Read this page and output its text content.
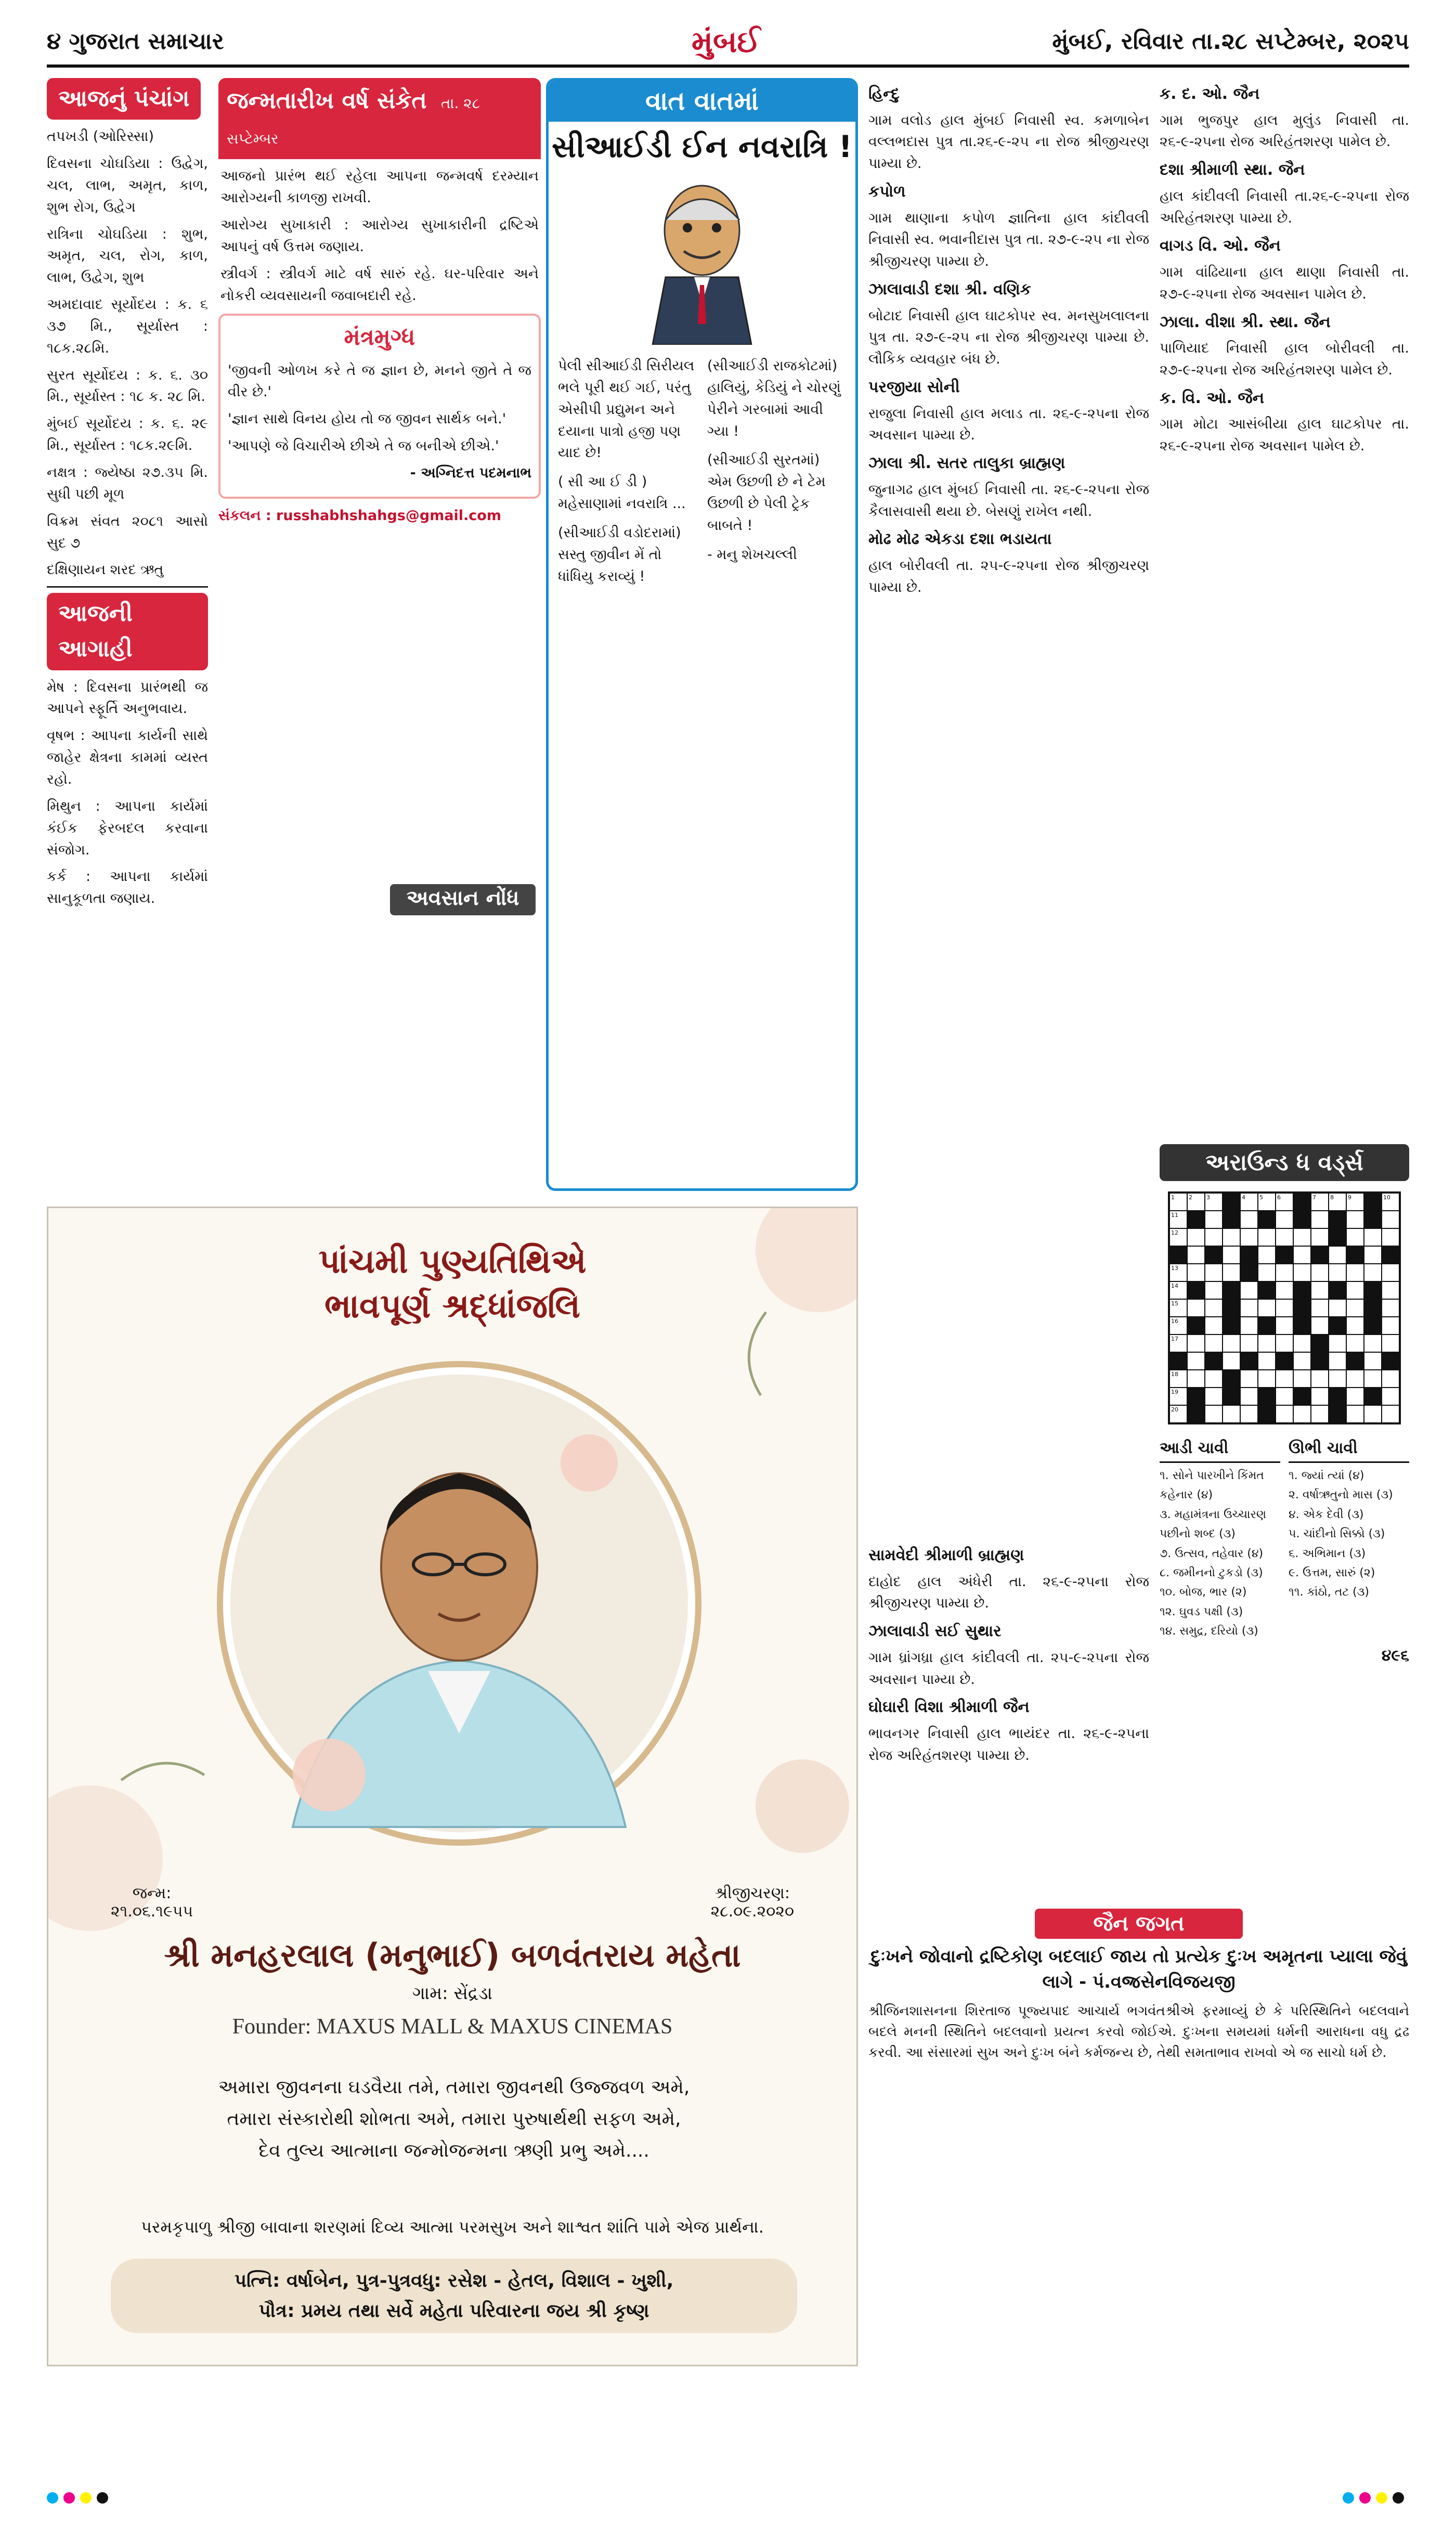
૪ ગુજરાત સમાચાર	મુંબઈ	મુંબઈ, રવિવાર તા.૨૮ સપ્ટેમ્બર, ૨૦૨૫
આજનું પંચાંગ

તપખડી (ઓરિસ્સા)

દિવસના ચોઘડિયા : ઉદ્વેગ, ચલ, લાભ, અમૃત, કાળ, શુભ રોગ, ઉદ્વેગ

રાત્રિના ચોઘડિયા : શુભ, અમૃત, ચલ, રોગ, કાળ, લાભ, ઉદ્વેગ, શુભ

અમદાવાદ સૂર્યોદય : ક. ૬ ૩૭ મિ., સૂર્યાસ્ત : ૧૮ક.૨૮મિ.

સુરત સૂર્યોદય : ક. ૬. ૩૦ મિ., સૂર્યાસ્ત : ૧૮ ક. ૨૮ મિ.

મુંબઈ સૂર્યોદય : ક. ૬. ૨૯ મિ., સૂર્યાસ્ત : ૧૮ક.૨૯મિ.

નક્ષત્ર : જ્યેષ્ઠા ૨૭.૩૫ મિ. સુધી પછી મૂળ

વિક્રમ સંવત ૨૦૮૧ આસો સુદ ૭

દક્ષિણાયન શરદ ઋતુ

આજની આગાહી

મેષ : દિવસના પ્રારંભથી જ આપને સ્ફૂર્તિ અનુભવાય.

વૃષભ : આપના કાર્યની સાથે જાહેર ક્ષેત્રના કામમાં વ્યસ્ત રહો.

મિથુન : આપના કાર્યમાં કંઈક ફેરબદલ કરવાના સંજોગ.

કર્ક : આપના કાર્યમાં સાનુકૂળતા જણાય.

જન્મતારીખ વર્ષ સંકેત તા. ૨૮ સપ્ટેમ્બર

આજનો પ્રારંભ થઈ રહેલા આપના જન્મવર્ષ દરમ્યાન આરોગ્યની કાળજી રાખવી.

આરોગ્ય સુખાકારી : આરોગ્ય સુખાકારીની દ્રષ્ટિએ આપનું વર્ષ ઉત્તમ જણાય.

સ્ત્રીવર્ગ : સ્ત્રીવર્ગ માટે વર્ષ સારું રહે. ઘર-પરિવાર અને નોકરી વ્યવસાયની જવાબદારી રહે.

મંત્રમુગ્ધ

'જીવની ઓળખ કરે તે જ જ્ઞાન છે, મનને જીતે તે જ વીર છે.'

'જ્ઞાન સાથે વિનય હોય તો જ જીવન સાર્થક બને.'

'આપણે જે વિચારીએ છીએ તે જ બનીએ છીએ.'

- અગ્નિદત્ત પદમનાભ

સંકલન : russhabhshahgs@gmail.com

વાત વાતમાં
સીઆઈડી ઈન નવરાત્રિ !

પેલી સીઆઈડી સિરીયલ ભલે પૂરી થઈ ગઈ, પરંતુ એસીપી પ્રદ્યુમન અને દયાના પાત્રો હજી પણ યાદ છે!

( સી આ ઈ ડી ) મહેસાણામાં નવરાત્રિ ...

(સીઆઈડી વડોદરામાં) સસ્તુ જીવીન મેં તો ધાંધિયુ કરાવ્યું !

(સીઆઈડી રાજકોટમાં) હાલિયું, કેડિયું ને ચોરણું પેરીને ગરબામાં આવી ગ્યા !

(સીઆઈડી સુરતમાં) એમ ઉછળી છે ને ટેમ ઉછળી છે પેલી ટ્રેક બાબતે !

- મનુ શેખચલ્લી

હિન્દુ

ગામ વલોડ હાલ મુંબઈ નિવાસી સ્વ. કમળાબેન વલ્લભદાસ પુત્ર તા.૨૬-૯-૨૫ ના રોજ શ્રીજીચરણ પામ્યા છે.

કપોળ

ગામ થાણાના કપોળ જ્ઞાતિના હાલ કાંદીવલી નિવાસી સ્વ. ભવાનીદાસ પુત્ર તા. ૨૭-૯-૨૫ ના રોજ શ્રીજીચરણ પામ્યા છે.

ઝાલાવાડી દશા શ્રી. વણિક

બોટાદ નિવાસી હાલ ઘાટકોપર સ્વ. મનસુખલાલના પુત્ર તા. ૨૭-૯-૨૫ ના રોજ શ્રીજીચરણ પામ્યા છે. લૌકિક વ્યવહાર બંધ છે.

પરજીયા સોની

રાજુલા નિવાસી હાલ મલાડ તા. ૨૬-૯-૨૫ના રોજ અવસાન પામ્યા છે.

ઝાલા શ્રી. સતર તાલુકા બ્રાહ્મણ

જુનાગઢ હાલ મુંબઈ નિવાસી તા. ૨૬-૯-૨૫ના રોજ કૈલાસવાસી થયા છે. બેસણું રાખેલ નથી.

મોઢ મોઢ એકડા દશા ભડાયતા

હાલ બોરીવલી તા. ૨૫-૯-૨૫ના રોજ શ્રીજીચરણ પામ્યા છે.

અવસાન નોંધ
ક. દ. ઓ. જૈન

ગામ ભુજપુર હાલ મુલુંડ નિવાસી તા. ૨૬-૯-૨૫ના રોજ અરિહંતશરણ પામેલ છે.

દશા શ્રીમાળી સ્થા. જૈન

હાલ કાંદીવલી નિવાસી તા.૨૬-૯-૨૫ના રોજ અરિહંતશરણ પામ્યા છે.

વાગડ વિ. ઓ. જૈન

ગામ વાંઢિયાના હાલ થાણા નિવાસી તા. ૨૭-૯-૨૫ના રોજ અવસાન પામેલ છે.

ઝાલા. વીશા શ્રી. સ્થા. જૈન

પાળિયાદ નિવાસી હાલ બોરીવલી તા. ૨૭-૯-૨૫ના રોજ અરિહંતશરણ પામેલ છે.

ક. વિ. ઓ. જૈન

ગામ મોટા આસંબીયા હાલ ઘાટકોપર તા. ૨૬-૯-૨૫ના રોજ અવસાન પામેલ છે.

પાંચમી પુણ્યતિથિએ
ભાવપૂર્ણ શ્રદ્ધાંજલિ
જન્મ:
૨૧.૦૬.૧૯૫૫
શ્રીજીચરણ:
૨૮.૦૯.૨૦૨૦
શ્રી મનહરલાલ (મનુભાઈ) બળવંતરાય મહેતા
ગામ: સેંદ્રડા
Founder: MAXUS MALL & MAXUS CINEMAS

અમારા જીવનના ઘડવૈયા તમે, તમારા જીવનથી ઉજ્જવળ અમે,

તમારા સંસ્કારોથી શોભતા અમે, તમારા પુરુષાર્થથી સફળ અમે,

દેવ તુલ્ય આત્માના જન્મોજન્મના ઋણી પ્રભુ અમે....

પરમકૃપાળુ શ્રીજી બાવાના શરણમાં દિવ્ય આત્મા પરમસુખ અને શાશ્વત શાંતિ પામે એજ પ્રાર્થના.
પત્નિ: વર્ષાબેન, પુત્ર-પુત્રવધુ: રસેશ - હેતલ, વિશાલ - ખુશી,
પૌત્ર: પ્રમય તથા સર્વે મહેતા પરિવારના જય શ્રી કૃષ્ણ
સામવેદી શ્રીમાળી બ્રાહ્મણ

દાહોદ હાલ અંધેરી તા. ૨૬-૯-૨૫ના રોજ શ્રીજીચરણ પામ્યા છે.

ઝાલાવાડી સઈ સુથાર

ગામ ધ્રાંગધ્રા હાલ કાંદીવલી તા. ૨૫-૯-૨૫ના રોજ અવસાન પામ્યા છે.

ઘોઘારી વિશા શ્રીમાળી જૈન

ભાવનગર નિવાસી હાલ ભાયંદર તા. ૨૬-૯-૨૫ના રોજ અરિહંતશરણ પામ્યા છે.

જૈન જગત
દુઃખને જોવાનો દ્રષ્ટિકોણ બદલાઈ જાય તો પ્રત્યેક દુઃખ અમૃતના પ્યાલા જેવું લાગે - પં.વજ્રસેનવિજયજી
શ્રીજિનશાસનના શિરતાજ પૂજ્યપાદ આચાર્ય ભગવંતશ્રીએ ફરમાવ્યું છે કે પરિસ્થિતિને બદલવાને બદલે મનની સ્થિતિને બદલવાનો પ્રયત્ન કરવો જોઈએ. દુઃખના સમયમાં ધર્મની આરાધના વધુ દ્રઢ કરવી. આ સંસારમાં સુખ અને દુઃખ બંને કર્મજન્ય છે, તેથી સમતાભાવ રાખવો એ જ સાચો ધર્મ છે.
અરાઉન્ડ ધ વર્ડ્સ
1 2 3	4 5 6	7 8 9	10
11
12
13
14
15
16
17
18
19
20
આડી ચાવી

૧. સોને પારખીને કિંમત કહેનાર (૪)

૩. મહામંત્રના ઉચ્ચારણ પછીનો શબ્દ (૩)

૭. ઉત્સવ, તહેવાર (૪)

૮. જમીનનો ટુકડો (૩)

૧૦. બોજ, ભાર (૨)

૧૨. ઘુવડ પક્ષી (૩)

૧૪. સમુદ્ર, દરિયો (૩)

ઊભી ચાવી

૧. જ્યાં ત્યાં (૪)

૨. વર્ષાઋતુનો માસ (૩)

૪. એક દેવી (૩)

૫. ચાંદીનો સિક્કો (૩)

૬. અભિમાન (૩)

૯. ઉત્તમ, સારું (૨)

૧૧. કાંઠો, તટ (૩)

૪૯૬
